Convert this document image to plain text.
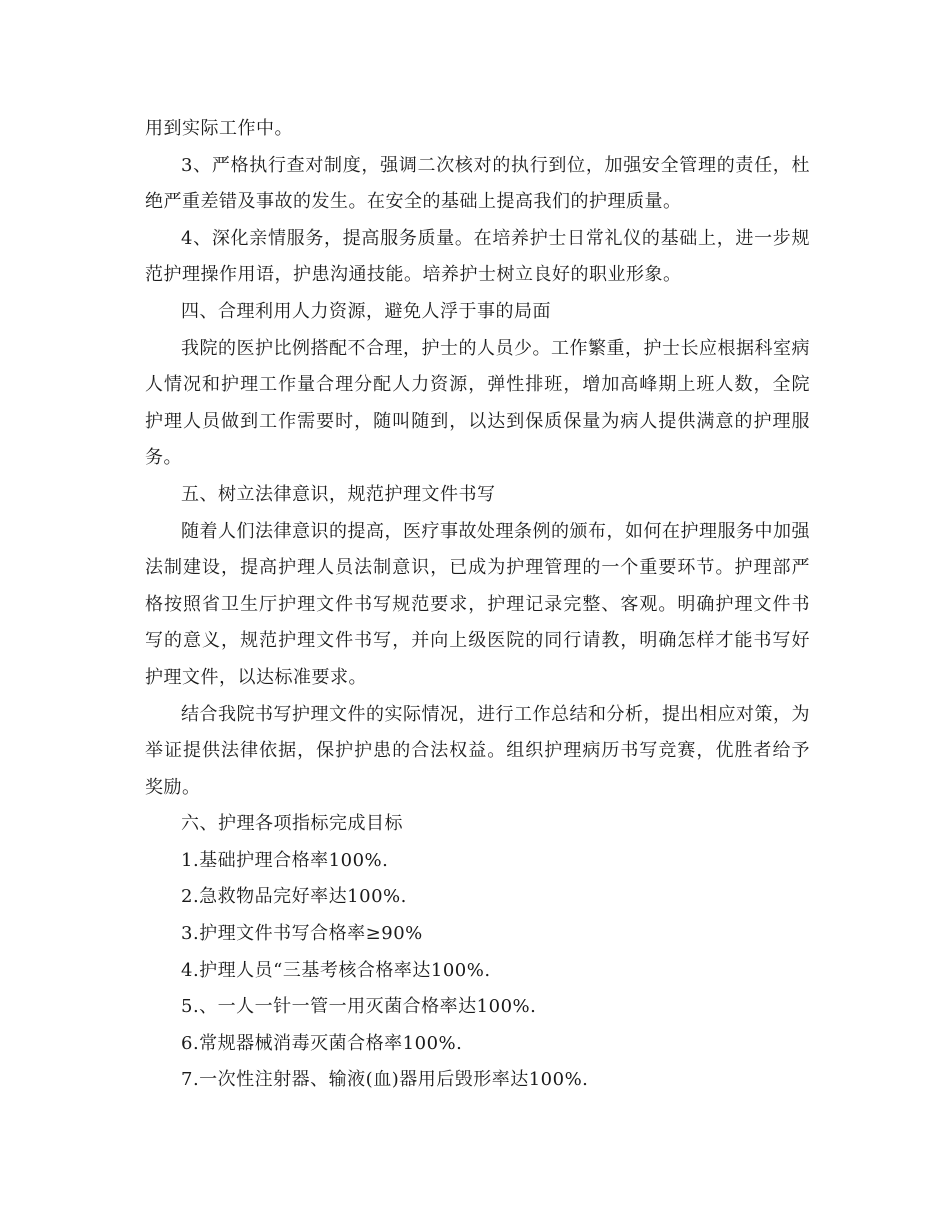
用到实际工作中。

3、严格执行查对制度，强调二次核对的执行到位，加强安全管理的责任，杜绝严重差错及事故的发生。在安全的基础上提高我们的护理质量。

4、深化亲情服务，提高服务质量。在培养护士日常礼仪的基础上，进一步规范护理操作用语，护患沟通技能。培养护士树立良好的职业形象。

四、合理利用人力资源，避免人浮于事的局面

我院的医护比例搭配不合理，护士的人员少。工作繁重，护士长应根据科室病人情况和护理工作量合理分配人力资源，弹性排班，增加高峰期上班人数，全院护理人员做到工作需要时，随叫随到，以达到保质保量为病人提供满意的护理服务。

五、树立法律意识，规范护理文件书写

随着人们法律意识的提高，医疗事故处理条例的颁布，如何在护理服务中加强法制建设，提高护理人员法制意识，已成为护理管理的一个重要环节。护理部严格按照省卫生厅护理文件书写规范要求，护理记录完整、客观。明确护理文件书写的意义，规范护理文件书写，并向上级医院的同行请教，明确怎样才能书写好护理文件，以达标准要求。

结合我院书写护理文件的实际情况，进行工作总结和分析，提出相应对策，为举证提供法律依据，保护护患的合法权益。组织护理病历书写竞赛，优胜者给予奖励。

六、护理各项指标完成目标

1.基础护理合格率100%.

2.急救物品完好率达100%.

3.护理文件书写合格率≥90%

4.护理人员“三基考核合格率达100%.

5.、一人一针一管一用灭菌合格率达100%.

6.常规器械消毒灭菌合格率100%.

7.一次性注射器、输液(血)器用后毁形率达100%.
